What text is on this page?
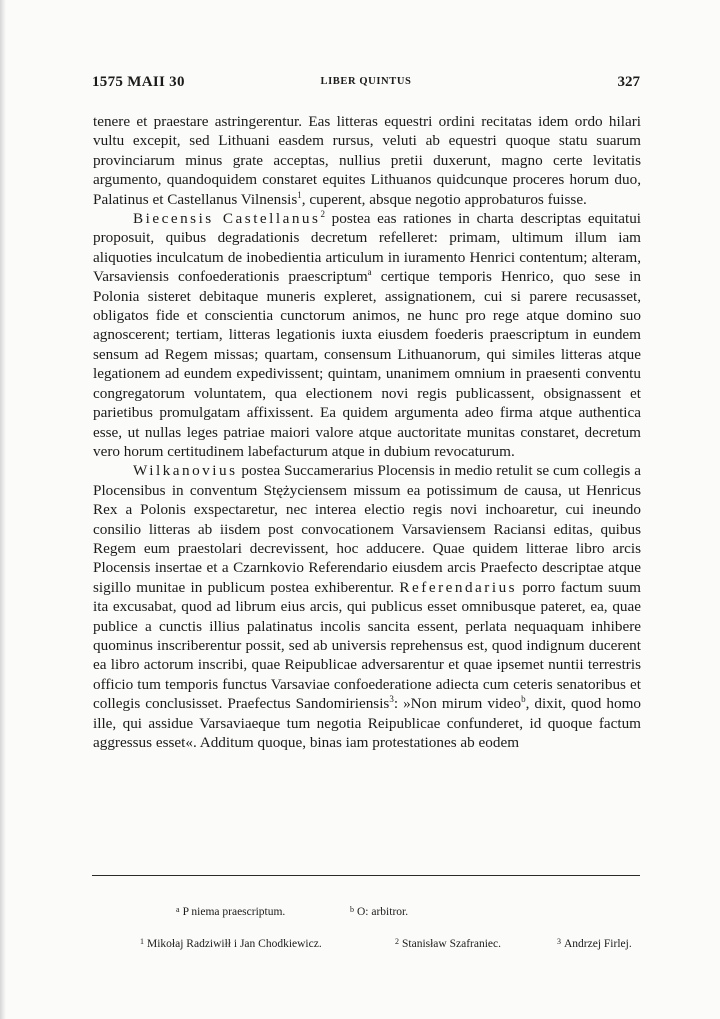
1575 MAII 30	LIBER QUINTUS	327

tenere et praestare astringerentur. Eas litteras equestri ordini recitatas idem ordo hilari vultu excepit, sed Lithuani easdem rursus, veluti ab equestri quoque statu suarum provinciarum minus grate acceptas, nullius pretii duxerunt, magno certe levitatis argumento, quandoquidem constaret equites Lithuanos quidcunque proceres horum duo, Palatinus et Castellanus Vilnensis$^1$, cuperent, absque negotio approbaturos fuisse.

Biecensis Castellanus$^2$ postea eas rationes in charta descriptas equitatui proposuit, quibus degradationis decretum refelleret: primam, ultimum illum iam aliquoties inculcatum de inobedientia articulum in iuramento Henrici contentum; alteram, Varsaviensis confoederationis praescriptum$^a$ certique temporis Henrico, quo sese in Polonia sisteret debitaque muneris expleret, assignationem, cui si parere recusasset, obligatos fide et conscientia cunctorum animos, ne hunc pro rege atque domino suo agnoscerent; tertiam, litteras legationis iuxta eiusdem foederis praescriptum in eundem sensum ad Regem missas; quartam, consensum Lithuanorum, qui similes litteras atque legationem ad eundem expedivissent; quintam, unanimem omnium in praesenti conventu congregatorum voluntatem, qua electionem novi regis publicassent, obsignassent et parietibus promulgatam affixissent. Ea quidem argumenta adeo firma atque authentica esse, ut nullas leges patriae maiori valore atque auctoritate munitas constaret, decretum vero horum certitudinem labefacturum atque in dubium revocaturum.

Wilkanovius postea Succamerarius Plocensis in medio retulit se cum collegis a Plocensibus in conventum Stężyciensem missum ea potissimum de causa, ut Henricus Rex a Polonis exspectaretur, nec interea electio regis novi inchoaretur, cui ineundo consilio litteras ab iisdem post convocationem Varsaviensem Raciansi editas, quibus Regem eum praestolari decrevissent, hoc adducere. Quae quidem litterae libro arcis Plocensis insertae et a Czarnkovio Referendario eiusdem arcis Praefecto descriptae atque sigillo munitae in publicum postea exhiberentur. Referendarius porro factum suum ita excusabat, quod ad librum eius arcis, qui publicus esset omnibusque pateret, ea, quae publice a cunctis illius palatinatus incolis sancita essent, perlata nequaquam inhibere quominus inscriberentur possit, sed ab universis reprehensus est, quod indignum ducerent ea libro actorum inscribi, quae Reipublicae adversarentur et quae ipsemet nuntii terrestris officio tum temporis functus Varsaviae confoederatione adiecta cum ceteris senatoribus et collegis conclusisset. Praefectus Sandomiriensis$^3$: »Non mirum video$^b$, dixit, quod homo ille, qui assidue Varsaviaeque tum negotia Reipublicae confunderet, id quoque factum aggressus esset«. Additum quoque, binas iam protestationes ab eodem

$^a$ P niema praescriptum.	$^b$ O: arbitror.
$^1$ Mikołaj Radziwiłł i Jan Chodkiewicz.	$^2$ Stanisław Szafraniec.	$^3$ Andrzej Firlej.
